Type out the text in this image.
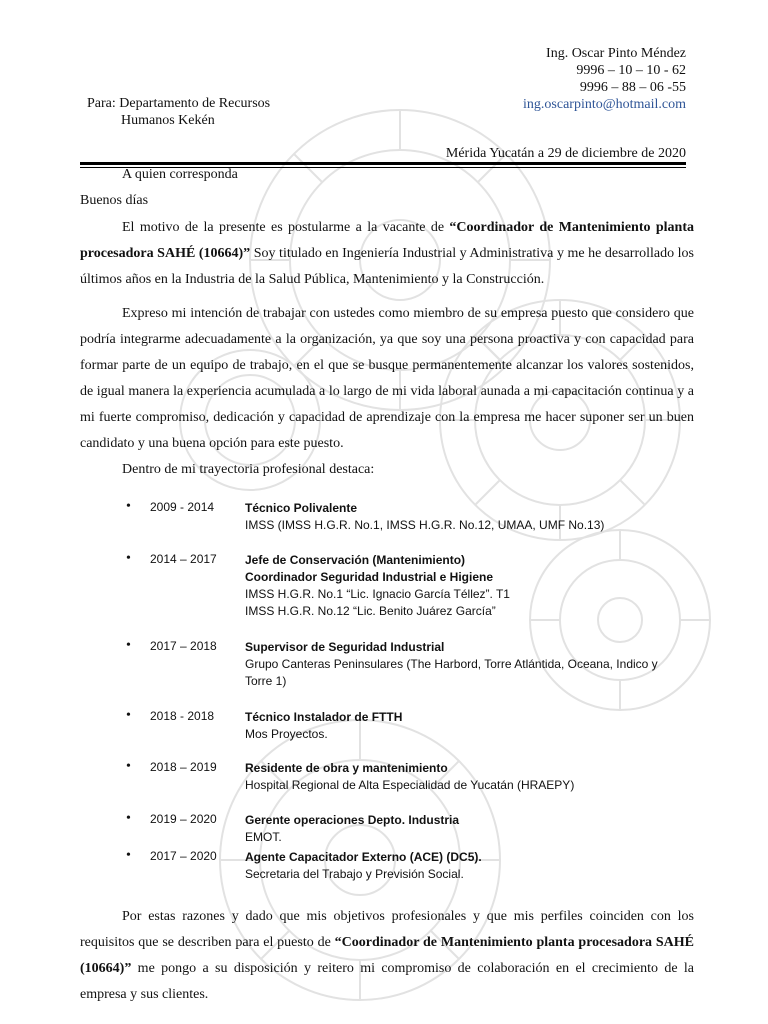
Ing. Oscar Pinto Méndez
9996 – 10 – 10 - 62
9996 – 88 – 06 -55
ing.oscarpinto@hotmail.com
Para: Departamento de Recursos
Humanos Kekén
Mérida Yucatán a 29 de diciembre de 2020
A quien corresponda
Buenos días
El motivo de la presente es postularme a la vacante de “Coordinador de Mantenimiento planta procesadora SAHÉ (10664)” Soy titulado en Ingeniería Industrial y Administrativa y me he desarrollado los últimos años en la Industria de la Salud Pública, Mantenimiento y la Construcción.
Expreso mi intención de trabajar con ustedes como miembro de su empresa puesto que considero que podría integrarme adecuadamente a la organización, ya que soy una persona proactiva y con capacidad para formar parte de un equipo de trabajo, en el que se busque permanentemente alcanzar los valores sostenidos, de igual manera la experiencia acumulada a lo largo de mi vida laboral aunada a mi capacitación continua y a mi fuerte compromiso, dedicación y capacidad de aprendizaje con la empresa me hacer suponer ser un buen candidato y una buena opción para este puesto.
Dentro de mi trayectoria profesional destaca:
• 2009 - 2014	Técnico Polivalente
IMSS (IMSS H.G.R. No.1, IMSS H.G.R. No.12, UMAA, UMF No.13)
• 2014 – 2017 Jefe de Conservación (Mantenimiento)
Coordinador Seguridad Industrial e Higiene
IMSS H.G.R. No.1 “Lic. Ignacio García Téllez”. T1
IMSS H.G.R. No.12 “Lic. Benito Juárez García”
• 2017 – 2018 Supervisor de Seguridad Industrial
Grupo Canteras Peninsulares (The Harbord, Torre Atlántida, Oceana, Indico y Torre 1)
• 2018 - 2018	Técnico Instalador de FTTH
Mos Proyectos.
• 2018 – 2019 Residente de obra y mantenimiento
Hospital Regional de Alta Especialidad de Yucatán (HRAEPY)
• 2019 – 2020 Gerente operaciones Depto. Industria
EMOT.
• 2017 – 2020 Agente Capacitador Externo (ACE) (DC5).
Secretaria del Trabajo y Previsión Social.
Por estas razones y dado que mis objetivos profesionales y que mis perfiles coinciden con los requisitos que se describen para el puesto de “Coordinador de Mantenimiento planta procesadora SAHÉ (10664)” me pongo a su disposición y reitero mi compromiso de colaboración en el crecimiento de la empresa y sus clientes.
